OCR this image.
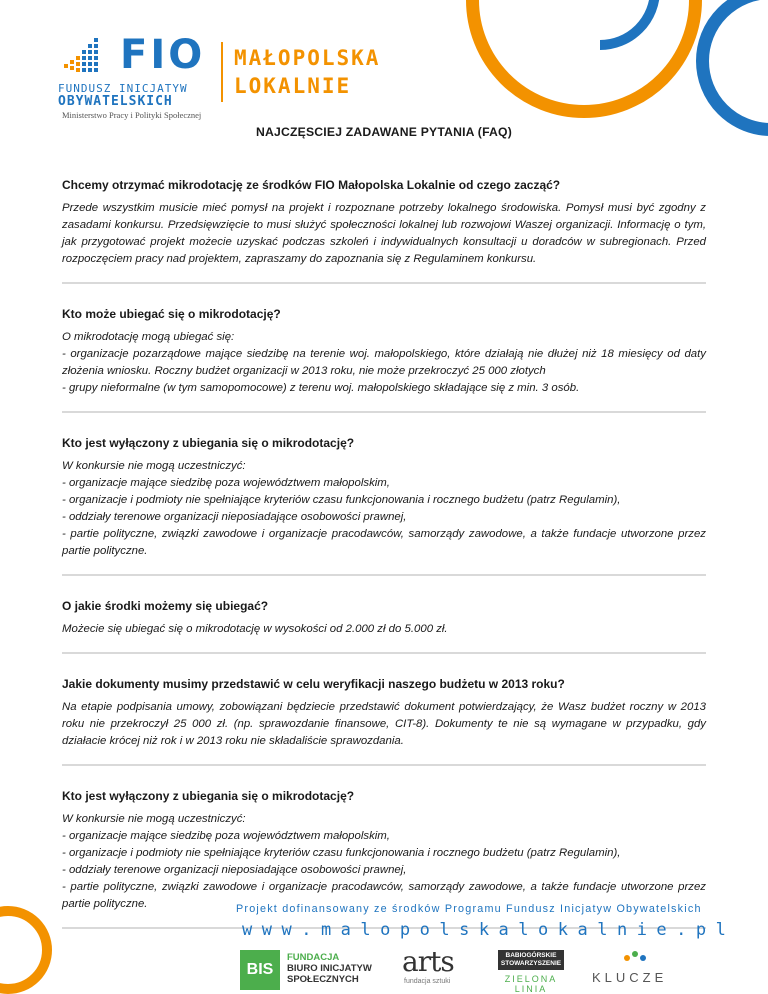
FIO
FUNDUSZ INICJATYW
OBYWATELSKICH
Ministerstwo Pracy i Polityki Społecznej
MAŁOPOLSKA
LOKALNIE
NAJCZĘSCIEJ ZADAWANE PYTANIA (FAQ)
Chcemy otrzymać mikrodotację ze środków FIO Małopolska Lokalnie od czego zacząć?

Przede wszystkim musicie mieć pomysł na projekt i rozpoznane potrzeby lokalnego środowiska. Pomysł musi być zgodny z zasadami konkursu. Przedsięwzięcie to musi służyć społeczności lokalnej lub rozwojowi Waszej organizacji. Informację o tym, jak przygotować projekt możecie uzyskać podczas szkoleń i indywidualnych konsultacji u doradców w subregionach. Przed rozpoczęciem pracy nad projektem, zapraszamy do zapoznania się z Regulaminem konkursu.

Kto może ubiegać się o mikrodotację?

O mikrodotację mogą ubiegać się:

- organizacje pozarządowe mające siedzibę na terenie woj. małopolskiego, które działają nie dłużej niż 18 miesięcy od daty złożenia wniosku. Roczny budżet organizacji w 2013 roku, nie może przekroczyć 25 000 złotych

- grupy nieformalne (w tym samopomocowe) z terenu woj. małopolskiego składające się z min. 3 osób.

Kto jest wyłączony z ubiegania się o mikrodotację?

W konkursie nie mogą uczestniczyć:

- organizacje mające siedzibę poza województwem małopolskim,

- organizacje i podmioty nie spełniające kryteriów czasu funkcjonowania i rocznego budżetu (patrz Regulamin),

- oddziały terenowe organizacji nieposiadające osobowości prawnej,

- partie polityczne, związki zawodowe i organizacje pracodawców, samorządy zawodowe, a także fundacje utworzone przez partie polityczne.

O jakie środki możemy się ubiegać?

Możecie się ubiegać się o mikrodotację w wysokości od 2.000 zł do 5.000 zł.

Jakie dokumenty musimy przedstawić w celu weryfikacji naszego budżetu w 2013 roku?

Na etapie podpisania umowy, zobowiązani będziecie przedstawić dokument potwierdzający, że Wasz budżet roczny w 2013 roku nie przekroczył 25 000 zł. (np. sprawozdanie finansowe, CIT-8). Dokumenty te nie są wymagane w przypadku, gdy działacie krócej niż rok i w 2013 roku nie składaliście sprawozdania.

Kto jest wyłączony z ubiegania się o mikrodotację?

W konkursie nie mogą uczestniczyć:

- organizacje mające siedzibę poza województwem małopolskim,

- organizacje i podmioty nie spełniające kryteriów czasu funkcjonowania i rocznego budżetu (patrz Regulamin),

- oddziały terenowe organizacji nieposiadające osobowości prawnej,

- partie polityczne, związki zawodowe i organizacje pracodawców, samorządy zawodowe, a także fundacje utworzone przez partie polityczne.	Projekt dofinansowany ze środków Programu Fundusz Inicjatyw Obywatelskich
www.malopolskalokalnie.pl
BIS
FUNDACJA
BIURO INICJATYW
SPOŁECZNYCH
arts
fundacja sztuki
BABIOGÓRSKIE
STOWARZYSZENIE
ZIELONA
LINIA
KLUCZE
